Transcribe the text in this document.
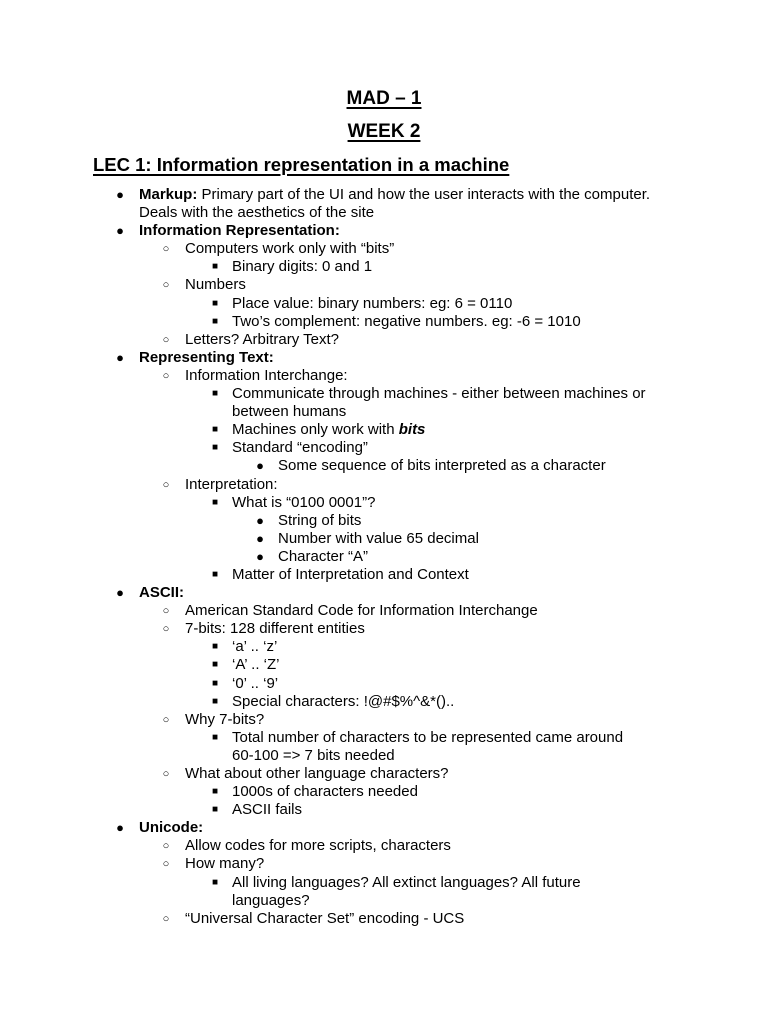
MAD – 1
WEEK 2
LEC 1: Information representation in a machine
● Markup: Primary part of the UI and how the user interacts with the computer.
Deals with the aesthetics of the site
● Information Representation:
○ Computers work only with “bits”
■ Binary digits: 0 and 1
○ Numbers
■ Place value: binary numbers: eg: 6 = 0110
■ Two’s complement: negative numbers. eg: -6 = 1010
○ Letters? Arbitrary Text?
● Representing Text:
○ Information Interchange:
■ Communicate through machines - either between machines or
between humans
■ Machines only work with bits
■ Standard “encoding”
● Some sequence of bits interpreted as a character
○ Interpretation:
■ What is “0100 0001”?
● String of bits
● Number with value 65 decimal
● Character “A”
■ Matter of Interpretation and Context
● ASCII:
○ American Standard Code for Information Interchange
○ 7-bits: 128 different entities
■ ‘a’ .. ‘z’
■ ‘A’ .. ‘Z’
■ ‘0’ .. ‘9’
■ Special characters: !@#$%^&*()..
○ Why 7-bits?
■ Total number of characters to be represented came around
60-100 => 7 bits needed
○ What about other language characters?
■ 1000s of characters needed
■ ASCII fails
● Unicode:
○ Allow codes for more scripts, characters
○ How many?
■ All living languages? All extinct languages? All future
languages?
○ “Universal Character Set” encoding - UCS
